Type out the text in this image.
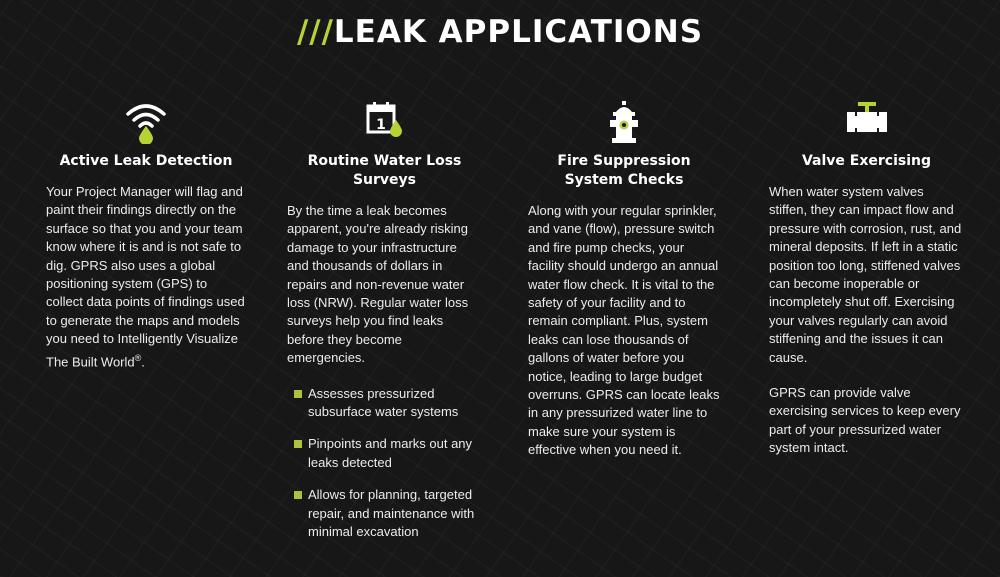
///LEAK APPLICATIONS
Active Leak Detection

Your Project Manager will flag and paint their findings directly on the surface so that you and your team know where it is and is not safe to dig. GPRS also uses a global positioning system (GPS) to collect data points of findings used to generate the maps and models you need to Intelligently Visualize The Built World®.

1
Routine Water Loss Surveys

By the time a leak becomes apparent, you're already risking damage to your infrastructure and thousands of dollars in repairs and non-revenue water loss (NRW). Regular water loss surveys help you find leaks before they become emergencies.

Assesses pressurized subsurface water systems
Pinpoints and marks out any leaks detected
Allows for planning, targeted repair, and maintenance with minimal excavation
Fire Suppression System Checks

Along with your regular sprinkler, and vane (flow), pressure switch and fire pump checks, your facility should undergo an annual water flow check. It is vital to the safety of your facility and to remain compliant. Plus, system leaks can lose thousands of gallons of water before you notice, leading to large budget overruns. GPRS can locate leaks in any pressurized water line to make sure your system is effective when you need it.

Valve Exercising

When water system valves stiffen, they can impact flow and pressure with corrosion, rust, and mineral deposits. If left in a static position too long, stiffened valves can become inoperable or incompletely shut off. Exercising your valves regularly can avoid stiffening and the issues it can cause.

GPRS can provide valve exercising services to keep every part of your pressurized water system intact.
